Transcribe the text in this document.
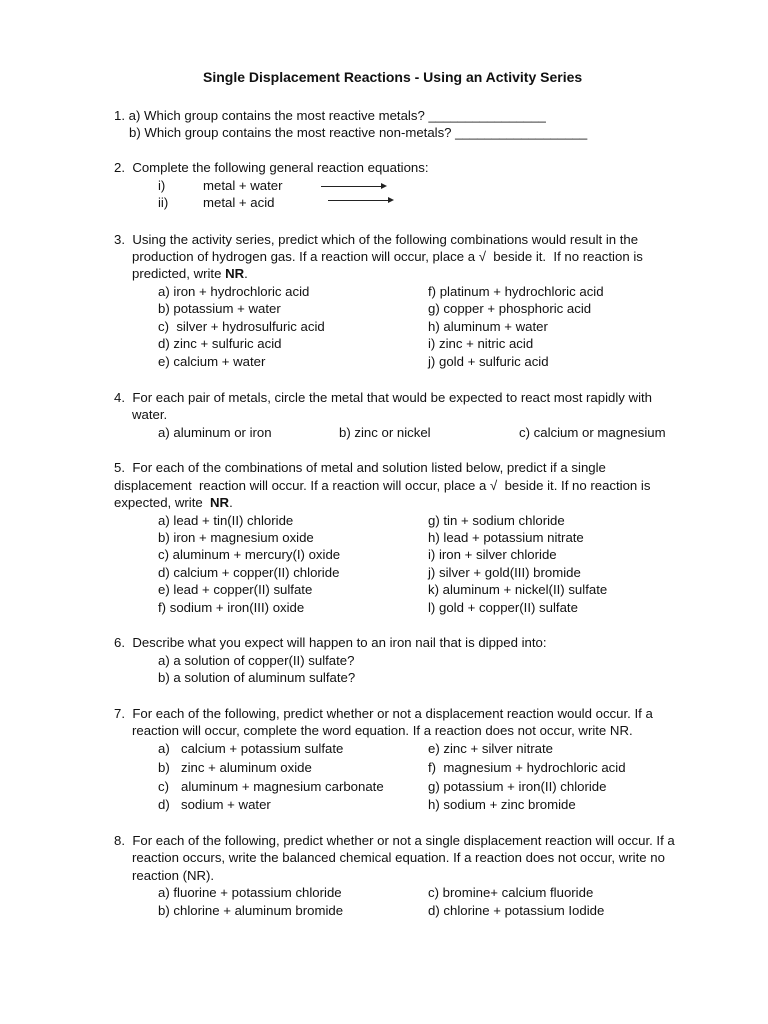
Single Displacement Reactions - Using an Activity Series
1. a) Which group contains the most reactive metals? ________________
b) Which group contains the most reactive non-metals? __________________
2.  Complete the following general reaction equations:
i)	metal + water
ii)	metal + acid
3.  Using the activity series, predict which of the following combinations would result in the
production of hydrogen gas. If a reaction will occur, place a √  beside it.  If no reaction is
predicted, write NR.
a) iron + hydrochloric acid
b) potassium + water
c)  silver + hydrosulfuric acid
d) zinc + sulfuric acid
e) calcium + water
f) platinum + hydrochloric acid
g) copper + phosphoric acid
h) aluminum + water
i) zinc + nitric acid
j) gold + sulfuric acid
4.  For each pair of metals, circle the metal that would be expected to react most rapidly with
water.
a) aluminum or iron	b) zinc or nickel	c) calcium or magnesium
5.  For each of the combinations of metal and solution listed below, predict if a single
displacement  reaction will occur. If a reaction will occur, place a √  beside it. If no reaction is
expected, write  NR.
a) lead + tin(II) chloride
b) iron + magnesium oxide
c) aluminum + mercury(I) oxide
d) calcium + copper(II) chloride
e) lead + copper(II) sulfate
f) sodium + iron(III) oxide
g) tin + sodium chloride
h) lead + potassium nitrate
i) iron + silver chloride
j) silver + gold(III) bromide
k) aluminum + nickel(II) sulfate
l) gold + copper(II) sulfate
6.  Describe what you expect will happen to an iron nail that is dipped into:
a) a solution of copper(II) sulfate?
b) a solution of aluminum sulfate?
7.  For each of the following, predict whether or not a displacement reaction would occur. If a
reaction will occur, complete the word equation. If a reaction does not occur, write NR.
a) calcium + potassium sulfate
b) zinc + aluminum oxide
c) aluminum + magnesium carbonate
d) sodium + water
e) zinc + silver nitrate
f)  magnesium + hydrochloric acid
g) potassium + iron(II) chloride
h) sodium + zinc bromide
8.  For each of the following, predict whether or not a single displacement reaction will occur. If a
reaction occurs, write the balanced chemical equation. If a reaction does not occur, write no
reaction (NR).
a) fluorine + potassium chloride
b) chlorine + aluminum bromide
c) bromine+ calcium fluoride
d) chlorine + potassium Iodide
